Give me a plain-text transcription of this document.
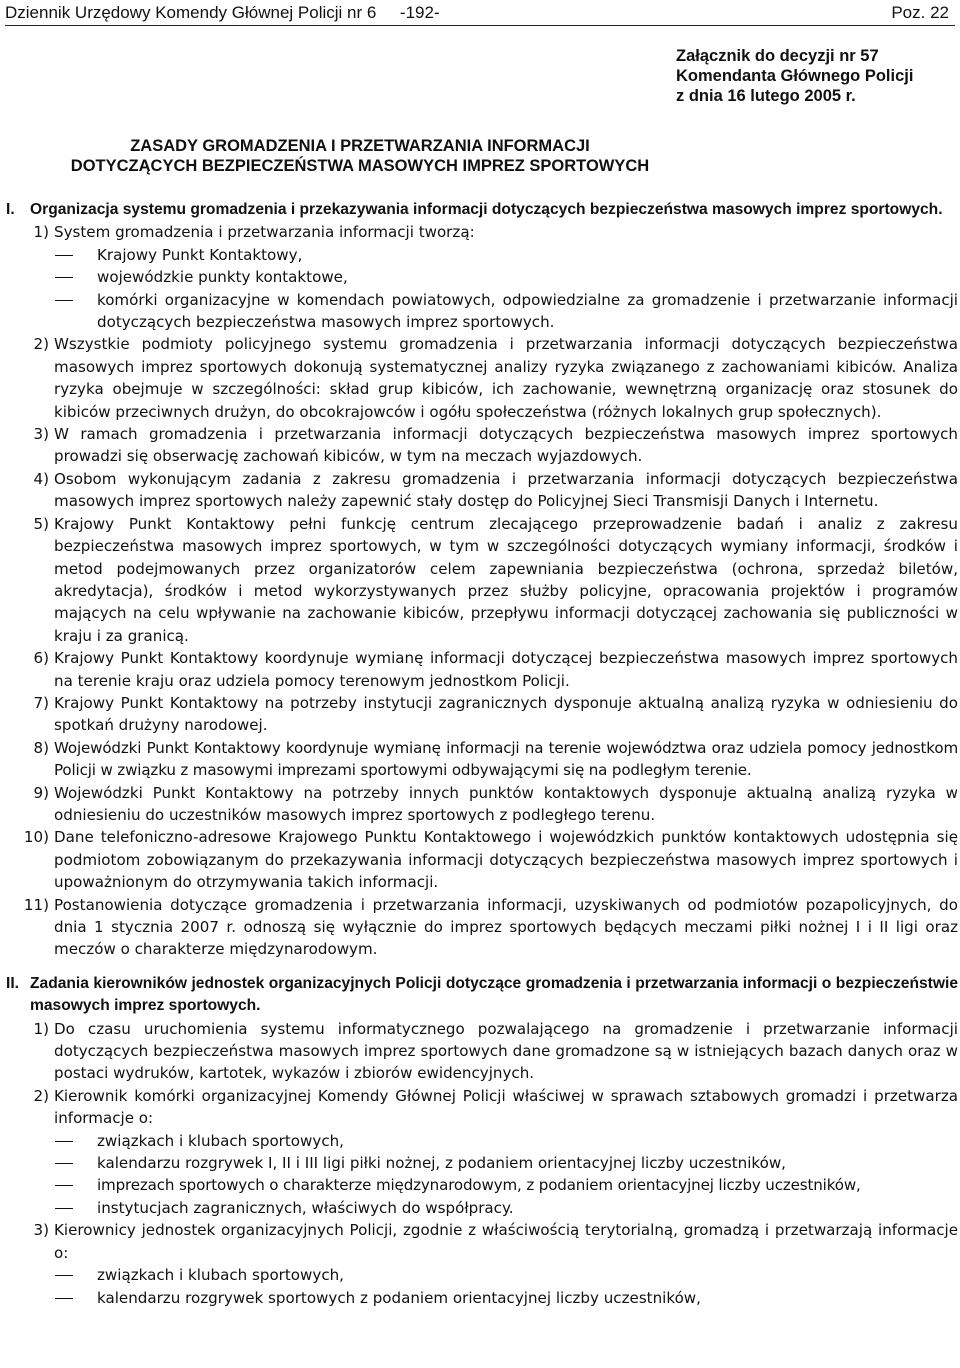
Dziennik Urzędowy Komendy Głównej Policji nr 6     -192-	Poz. 22
Załącznik do decyzji nr 57
Komendanta Głównego Policji
z dnia 16 lutego 2005 r.
ZASADY GROMADZENIA I PRZETWARZANIA INFORMACJI
DOTYCZĄCYCH BEZPIECZEŃSTWA MASOWYCH IMPREZ SPORTOWYCH
I. Organizacja systemu gromadzenia i przekazywania informacji dotyczących bezpieczeństwa masowych imprez sportowych.
1) System gromadzenia i przetwarzania informacji tworzą:

Krajowy Punkt Kontaktowy,
wojewódzkie punkty kontaktowe,
komórki organizacyjne w komendach powiatowych, odpowiedzialne za gromadzenie i przetwarzanie informacji dotyczących bezpieczeństwa masowych imprez sportowych.
2) Wszystkie podmioty policyjnego systemu gromadzenia i przetwarzania informacji dotyczących bezpieczeństwa masowych imprez sportowych dokonują systematycznej analizy ryzyka związanego z zachowaniami kibiców. Analiza ryzyka obejmuje w szczególności: skład grup kibiców, ich zachowanie, wewnętrzną organizację oraz stosunek do kibiców przeciwnych drużyn, do obcokrajowców i ogółu społeczeństwa (różnych lokalnych grup społecznych).

3) W ramach gromadzenia i przetwarzania informacji dotyczących bezpieczeństwa masowych imprez sportowych prowadzi się obserwację zachowań kibiców, w tym na meczach wyjazdowych.

4) Osobom wykonującym zadania z zakresu gromadzenia i przetwarzania informacji dotyczących bezpieczeństwa masowych imprez sportowych należy zapewnić stały dostęp do Policyjnej Sieci Transmisji Danych i Internetu.

5) Krajowy Punkt Kontaktowy pełni funkcję centrum zlecającego przeprowadzenie badań i analiz z zakresu bezpieczeństwa masowych imprez sportowych, w tym w szczególności dotyczących wymiany informacji, środków i metod podejmowanych przez organizatorów celem zapewniania bezpieczeństwa (ochrona, sprzedaż biletów, akredytacja), środków i metod wykorzystywanych przez służby policyjne, opracowania projektów i programów mających na celu wpływanie na zachowanie kibiców, przepływu informacji dotyczącej zachowania się publiczności w kraju i za granicą.

6) Krajowy Punkt Kontaktowy koordynuje wymianę informacji dotyczącej bezpieczeństwa masowych imprez sportowych na terenie kraju oraz udziela pomocy terenowym jednostkom Policji.

7) Krajowy Punkt Kontaktowy na potrzeby instytucji zagranicznych dysponuje aktualną analizą ryzyka w odniesieniu do spotkań drużyny narodowej.

8) Wojewódzki Punkt Kontaktowy koordynuje wymianę informacji na terenie województwa oraz udziela pomocy jednostkom Policji w związku z masowymi imprezami sportowymi odbywającymi się na podległym terenie.

9) Wojewódzki Punkt Kontaktowy na potrzeby innych punktów kontaktowych dysponuje aktualną analizą ryzyka w odniesieniu do uczestników masowych imprez sportowych z podległego terenu.

10) Dane telefoniczno-adresowe Krajowego Punktu Kontaktowego i wojewódzkich punktów kontaktowych udostępnia się podmiotom zobowiązanym do przekazywania informacji dotyczących bezpieczeństwa masowych imprez sportowych i upoważnionym do otrzymywania takich informacji.

11) Postanowienia dotyczące gromadzenia i przetwarzania informacji, uzyskiwanych od podmiotów pozapolicyjnych, do dnia 1 stycznia 2007 r. odnoszą się wyłącznie do imprez sportowych będących meczami piłki nożnej I i II ligi oraz meczów o charakterze międzynarodowym.

II. Zadania kierowników jednostek organizacyjnych Policji dotyczące gromadzenia i przetwarzania informacji o bezpieczeństwie masowych imprez sportowych.
1) Do czasu uruchomienia systemu informatycznego pozwalającego na gromadzenie i przetwarzanie informacji dotyczących bezpieczeństwa masowych imprez sportowych dane gromadzone są w istniejących bazach danych oraz w postaci wydruków, kartotek, wykazów i zbiorów ewidencyjnych.

2) Kierownik komórki organizacyjnej Komendy Głównej Policji właściwej w sprawach sztabowych gromadzi i przetwarza informacje o:

związkach i klubach sportowych,
kalendarzu rozgrywek I, II i III ligi piłki nożnej, z podaniem orientacyjnej liczby uczestników,
imprezach sportowych o charakterze międzynarodowym, z podaniem orientacyjnej liczby uczestników,
instytucjach zagranicznych, właściwych do współpracy.
3) Kierownicy jednostek organizacyjnych Policji, zgodnie z właściwością terytorialną, gromadzą i przetwarzają informacje o:

związkach i klubach sportowych,
kalendarzu rozgrywek sportowych z podaniem orientacyjnej liczby uczestników,
